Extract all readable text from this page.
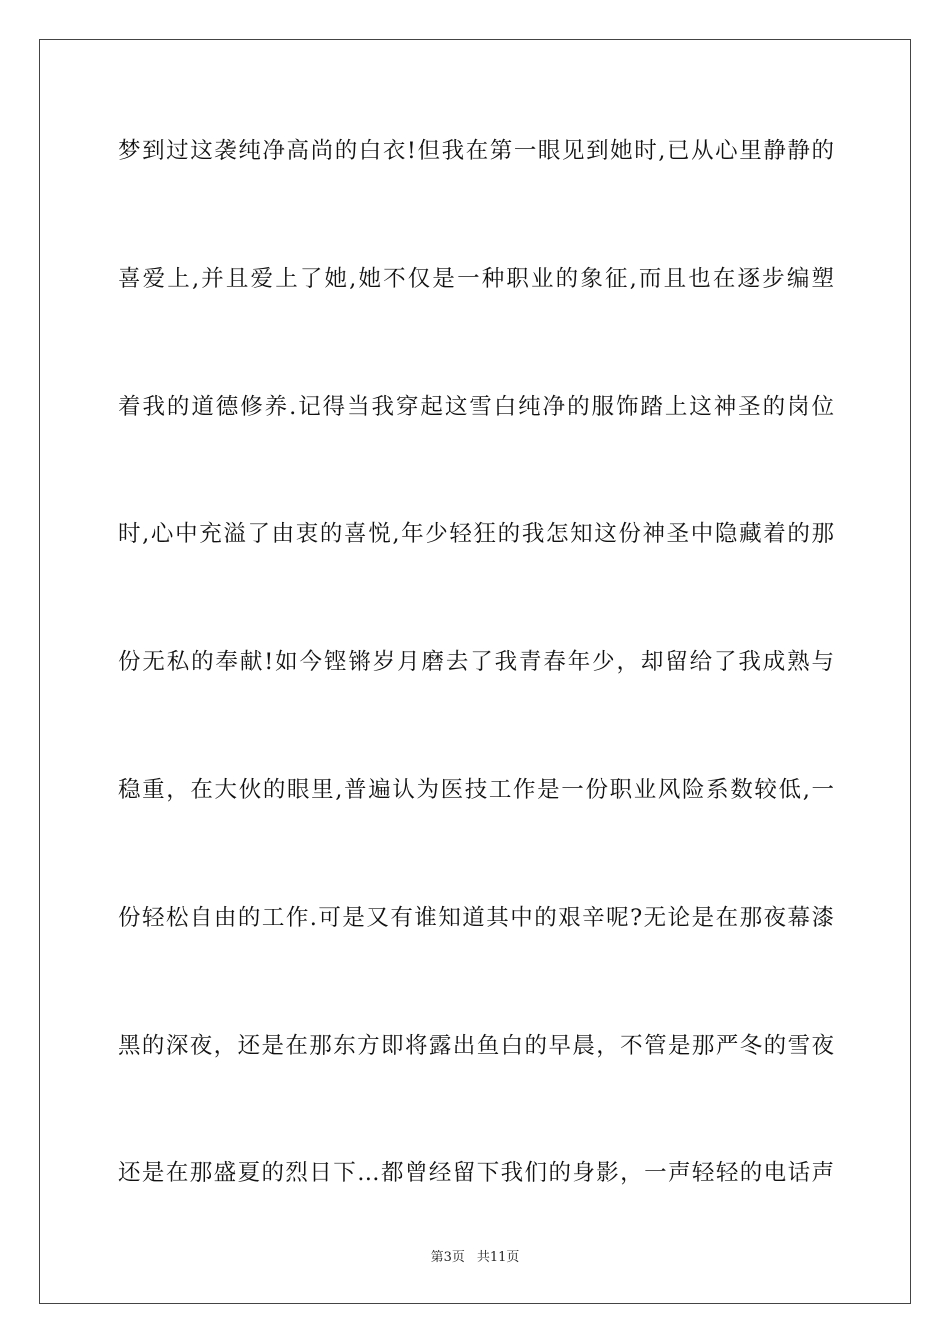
梦到过这袭纯净高尚的白衣!但我在第一眼见到她时,已从心里静静的
喜爱上,并且爱上了她,她不仅是一种职业的象征,而且也在逐步编塑
着我的道德修养.记得当我穿起这雪白纯净的服饰踏上这神圣的岗位
时,心中充溢了由衷的喜悦,年少轻狂的我怎知这份神圣中隐藏着的那
份无私的奉献!如今铿锵岁月磨去了我青春年少，却留给了我成熟与
稳重，在大伙的眼里,普遍认为医技工作是一份职业风险系数较低,一
份轻松自由的工作.可是又有谁知道其中的艰辛呢?无论是在那夜幕漆
黑的深夜，还是在那东方即将露出鱼白的早晨，不管是那严冬的雪夜
还是在那盛夏的烈日下…都曾经留下我们的身影，一声轻轻的电话声
第3页 共11页
